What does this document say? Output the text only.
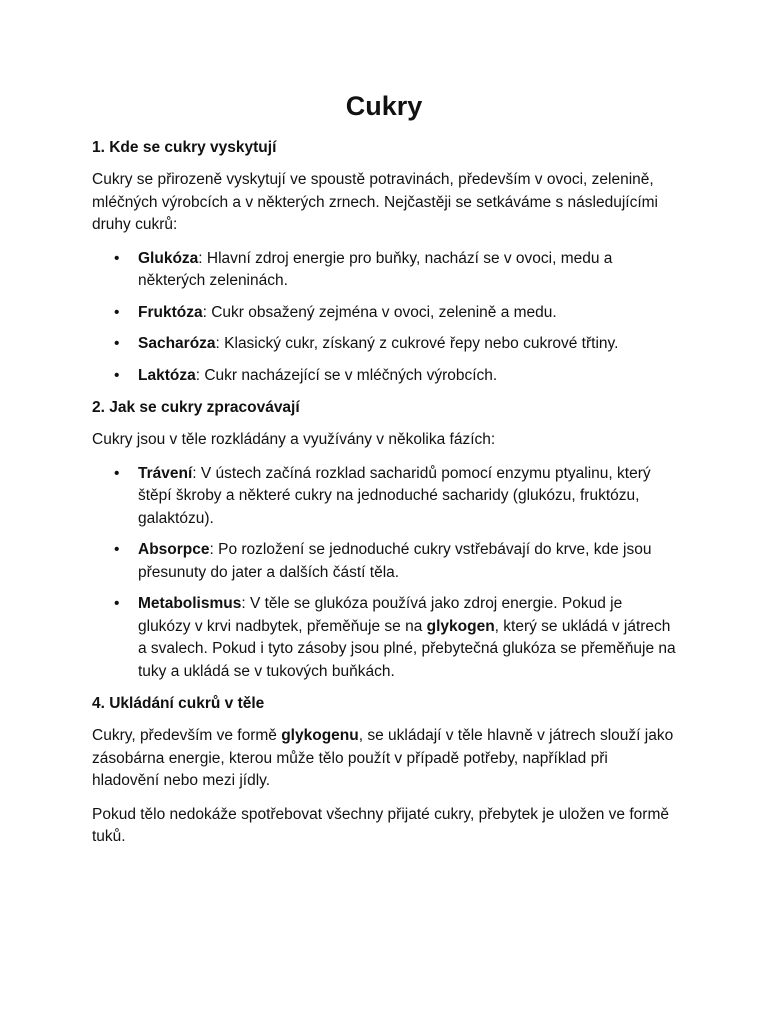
Cukry
1. Kde se cukry vyskytují

Cukry se přirozeně vyskytují ve spoustě potravinách, především v ovoci, zelenině, mléčných výrobcích a v některých zrnech. Nejčastěji se setkáváme s následujícími druhy cukrů:

• Glukóza: Hlavní zdroj energie pro buňky, nachází se v ovoci, medu a některých zeleninách.
• Fruktóza: Cukr obsažený zejména v ovoci, zelenině a medu.
• Sacharóza: Klasický cukr, získaný z cukrové řepy nebo cukrové třtiny.
• Laktóza: Cukr nacházející se v mléčných výrobcích.
2. Jak se cukry zpracovávají

Cukry jsou v těle rozkládány a využívány v několika fázích:

• Trávení: V ústech začíná rozklad sacharidů pomocí enzymu ptyalinu, který štěpí škroby a některé cukry na jednoduché sacharidy (glukózu, fruktózu, galaktózu).
• Absorpce: Po rozložení se jednoduché cukry vstřebávají do krve, kde jsou přesunuty do jater a dalších částí těla.
• Metabolismus: V těle se glukóza používá jako zdroj energie. Pokud je glukózy v krvi nadbytek, přeměňuje se na glykogen, který se ukládá v játrech a svalech. Pokud i tyto zásoby jsou plné, přebytečná glukóza se přeměňuje na tuky a ukládá se v tukových buňkách.
4. Ukládání cukrů v těle

Cukry, především ve formě glykogenu, se ukládají v těle hlavně v játrech slouží jako zásobárna energie, kterou může tělo použít v případě potřeby, například při hladovění nebo mezi jídly.

Pokud tělo nedokáže spotřebovat všechny přijaté cukry, přebytek je uložen ve formě tuků.
